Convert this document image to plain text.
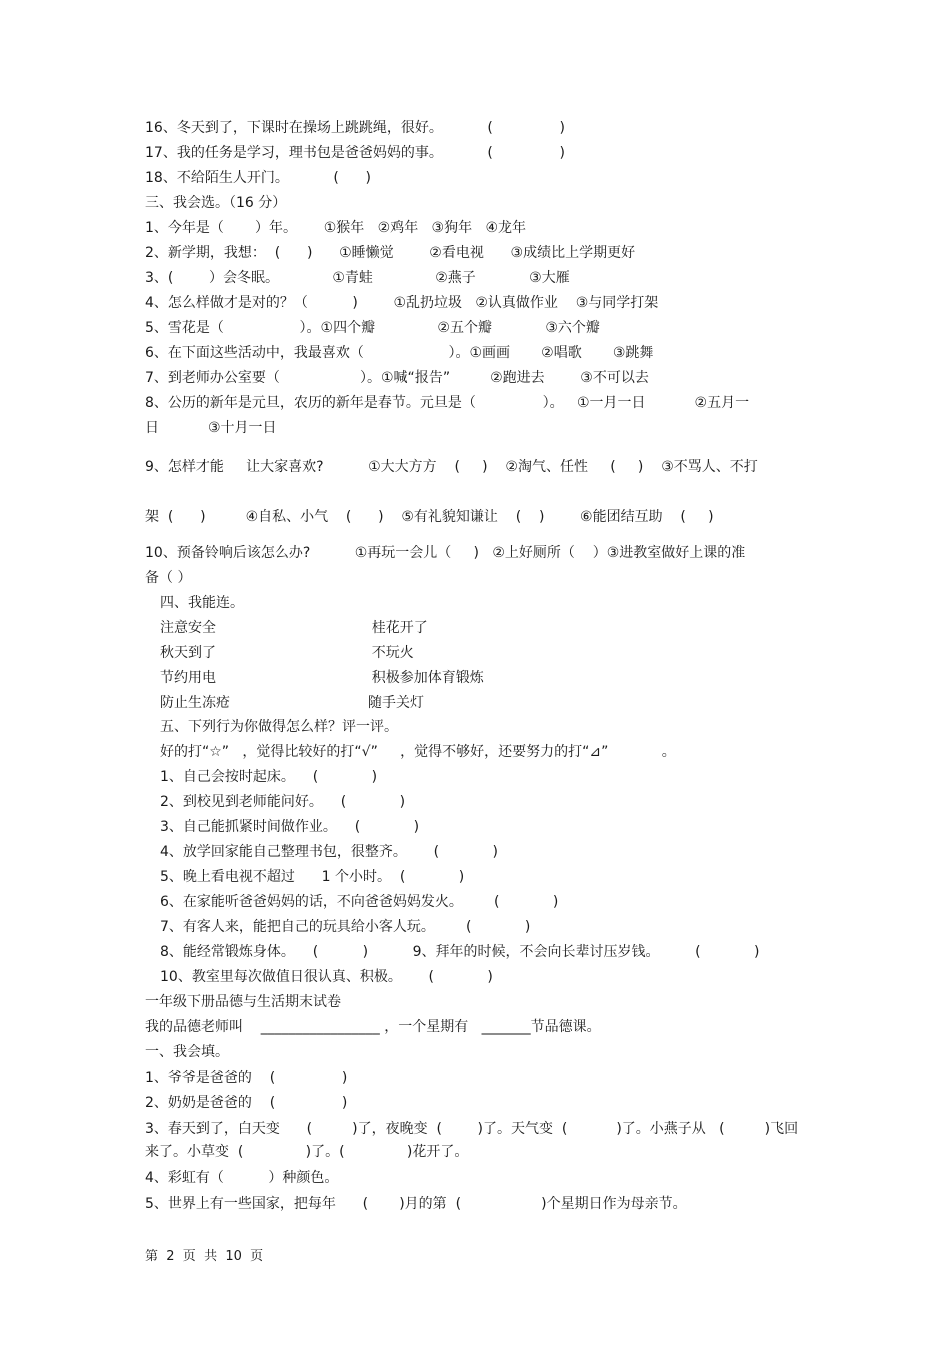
16、冬天到了，下课时在操场上跳跳绳，很好。          (               )
17、我的任务是学习，理书包是爸爸妈妈的事。          (               )
18、不给陌生人开门。          (      )
三、我会选。（16 分）
1、今年是（       ）年。      ①猴年   ②鸡年   ③狗年   ④龙年
2、新学期，我想：  (      )      ①睡懒觉        ②看电视      ③成绩比上学期更好
3、(        ）会冬眠。            ①青蛙              ②燕子            ③大雁
4、怎么样做才是对的？（          )        ①乱扔垃圾   ②认真做作业    ③与同学打架
5、雪花是（                 ）。①四个瓣              ②五个瓣            ③六个瓣
6、在下面这些活动中，我最喜欢（                   ）。①画画       ②唱歌       ③跳舞
7、到老师办公室要（                  ）。①喊“报告”         ②跑进去        ③不可以去
8、公历的新年是元旦，农历的新年是春节。元旦是（               ）。   ①一月一日           ②五月一
日           ③十月一日
9、怎样才能     让大家喜欢?          ①大大方方    (     )    ②淘气、任性     (     )    ③不骂人、不打
架  (      )         ④自私、小气    (      )    ⑤有礼貌知谦让    (    )        ⑥能团结互助    (     )
10、预备铃响后该怎么办?          ①再玩一会儿（     )   ②上好厕所（    ）③进教室做好上课的准
备（ ）
四、我能连。
注意安全                                   桂花开了
秋天到了                                   不玩火
节约用电                                   积极参加体育锻炼
防止生冻疮                               随手关灯
五、下列行为你做得怎么样？评一评。
好的打“☆”   ，觉得比较好的打“√”     ，觉得不够好，还要努力的打“⊿”            。
1、自己会按时起床。    (            )
2、到校见到老师能问好。    (            )
3、自己能抓紧时间做作业。    (            )
4、放学回家能自己整理书包，很整齐。      (            )
5、晚上看电视不超过      1 个小时。  (            )
6、在家能听爸爸妈妈的话，不向爸爸妈妈发火。       (            )
7、有客人来，能把自己的玩具给小客人玩。       (            )
8、能经常锻炼身体。    (          )          9、拜年的时候，不会向长辈讨压岁钱。        (            )
10、教室里每次做值日很认真、积极。      (            )
一年级下册品德与生活期末试卷
我的品德老师叫    _________________ ，一个星期有   _______节品德课。
一、我会填。
1、爷爷是爸爸的    (               )
2、奶奶是爸爸的    (               )
3、春天到了，白天变      (         )了，夜晚变  (        )了。天气变  (           )了。小燕子从   (         )飞回
来了。小草变  (              )了。(              )花开了。
4、彩虹有（          ）种颜色。
5、世界上有一些国家，把每年      (       )月的第  (                  )个星期日作为母亲节。
第  2  页  共  10  页
